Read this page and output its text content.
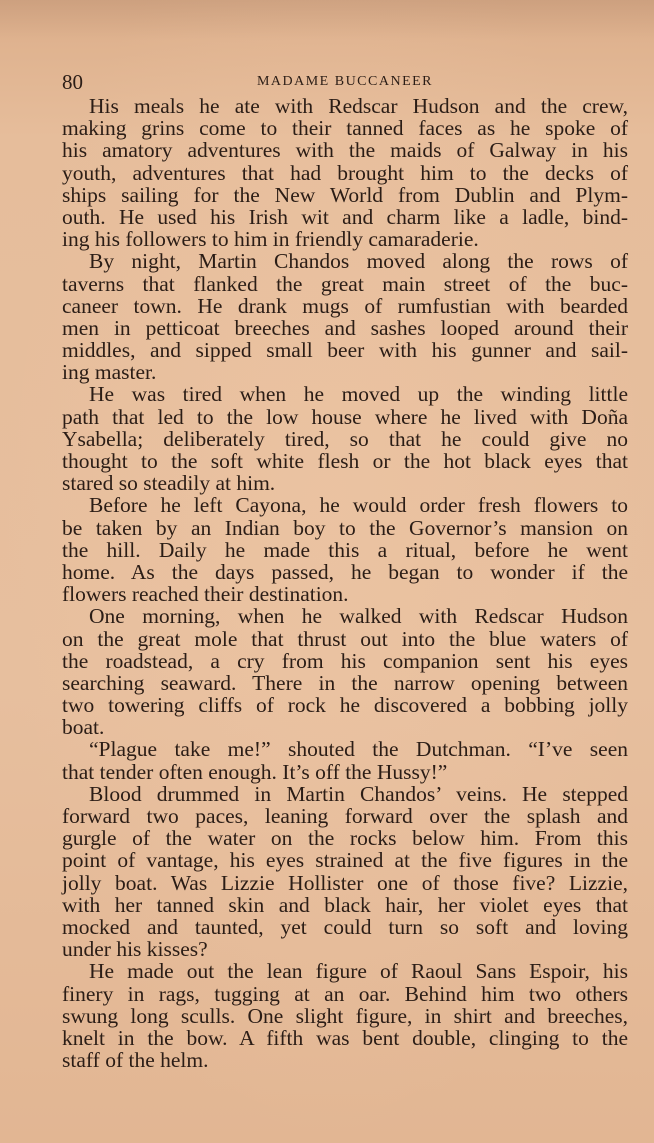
80	MADAME BUCCANEER
His meals he ate with Redscar Hudson and the crew,
making grins come to their tanned faces as he spoke of
his amatory adventures with the maids of Galway in his
youth, adventures that had brought him to the decks of
ships sailing for the New World from Dublin and Plym-
outh. He used his Irish wit and charm like a ladle, bind-
ing his followers to him in friendly camaraderie.
By night, Martin Chandos moved along the rows of
taverns that flanked the great main street of the buc-
caneer town. He drank mugs of rumfustian with bearded
men in petticoat breeches and sashes looped around their
middles, and sipped small beer with his gunner and sail-
ing master.
He was tired when he moved up the winding little
path that led to the low house where he lived with Doña
Ysabella; deliberately tired, so that he could give no
thought to the soft white flesh or the hot black eyes that
stared so steadily at him.
Before he left Cayona, he would order fresh flowers to
be taken by an Indian boy to the Governor’s mansion on
the hill. Daily he made this a ritual, before he went
home. As the days passed, he began to wonder if the
flowers reached their destination.
One morning, when he walked with Redscar Hudson
on the great mole that thrust out into the blue waters of
the roadstead, a cry from his companion sent his eyes
searching seaward. There in the narrow opening between
two towering cliffs of rock he discovered a bobbing jolly
boat.
“Plague take me!” shouted the Dutchman. “I’ve seen
that tender often enough. It’s off the Hussy!”
Blood drummed in Martin Chandos’ veins. He stepped
forward two paces, leaning forward over the splash and
gurgle of the water on the rocks below him. From this
point of vantage, his eyes strained at the five figures in the
jolly boat. Was Lizzie Hollister one of those five? Lizzie,
with her tanned skin and black hair, her violet eyes that
mocked and taunted, yet could turn so soft and loving
under his kisses?
He made out the lean figure of Raoul Sans Espoir, his
finery in rags, tugging at an oar. Behind him two others
swung long sculls. One slight figure, in shirt and breeches,
knelt in the bow. A fifth was bent double, clinging to the
staff of the helm.
